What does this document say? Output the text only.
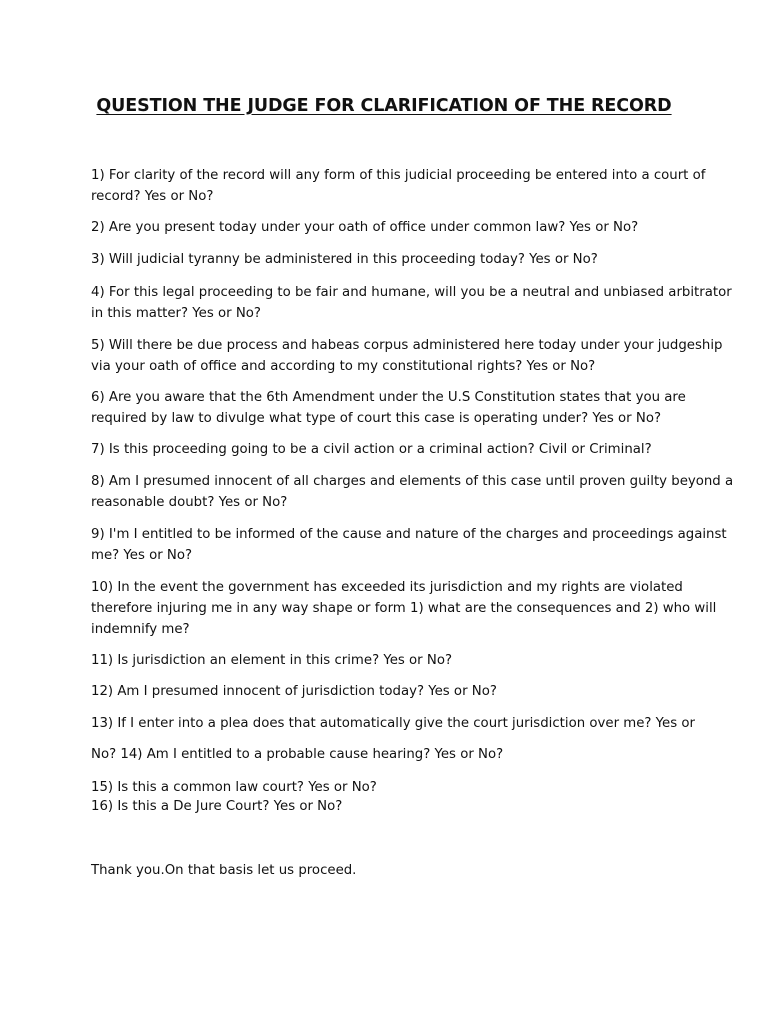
QUESTION THE JUDGE FOR CLARIFICATION OF THE RECORD
1) For clarity of the record will any form of this judicial proceeding be entered into a court of
record? Yes or No?
2) Are you present today under your oath of office under common law? Yes or No?
3) Will judicial tyranny be administered in this proceeding today? Yes or No?
4) For this legal proceeding to be fair and humane, will you be a neutral and unbiased arbitrator
in this matter? Yes or No?
5) Will there be due process and habeas corpus administered here today under your judgeship
via your oath of office and according to my constitutional rights? Yes or No?
6) Are you aware that the 6th Amendment under the U.S Constitution states that you are
required by law to divulge what type of court this case is operating under? Yes or No?
7) Is this proceeding going to be a civil action or a criminal action? Civil or Criminal?
8) Am I presumed innocent of all charges and elements of this case until proven guilty beyond a
reasonable doubt? Yes or No?
9) I'm I entitled to be informed of the cause and nature of the charges and proceedings against
me? Yes or No?
10) In the event the government has exceeded its jurisdiction and my rights are violated
therefore injuring me in any way shape or form 1) what are the consequences and 2) who will
indemnify me?
11) Is jurisdiction an element in this crime? Yes or No?
12) Am I presumed innocent of jurisdiction today? Yes or No?
13) If I enter into a plea does that automatically give the court jurisdiction over me? Yes or
No? 14) Am I entitled to a probable cause hearing? Yes or No?
15) Is this a common law court? Yes or No?
16) Is this a De Jure Court? Yes or No?
Thank you.On that basis let us proceed.
